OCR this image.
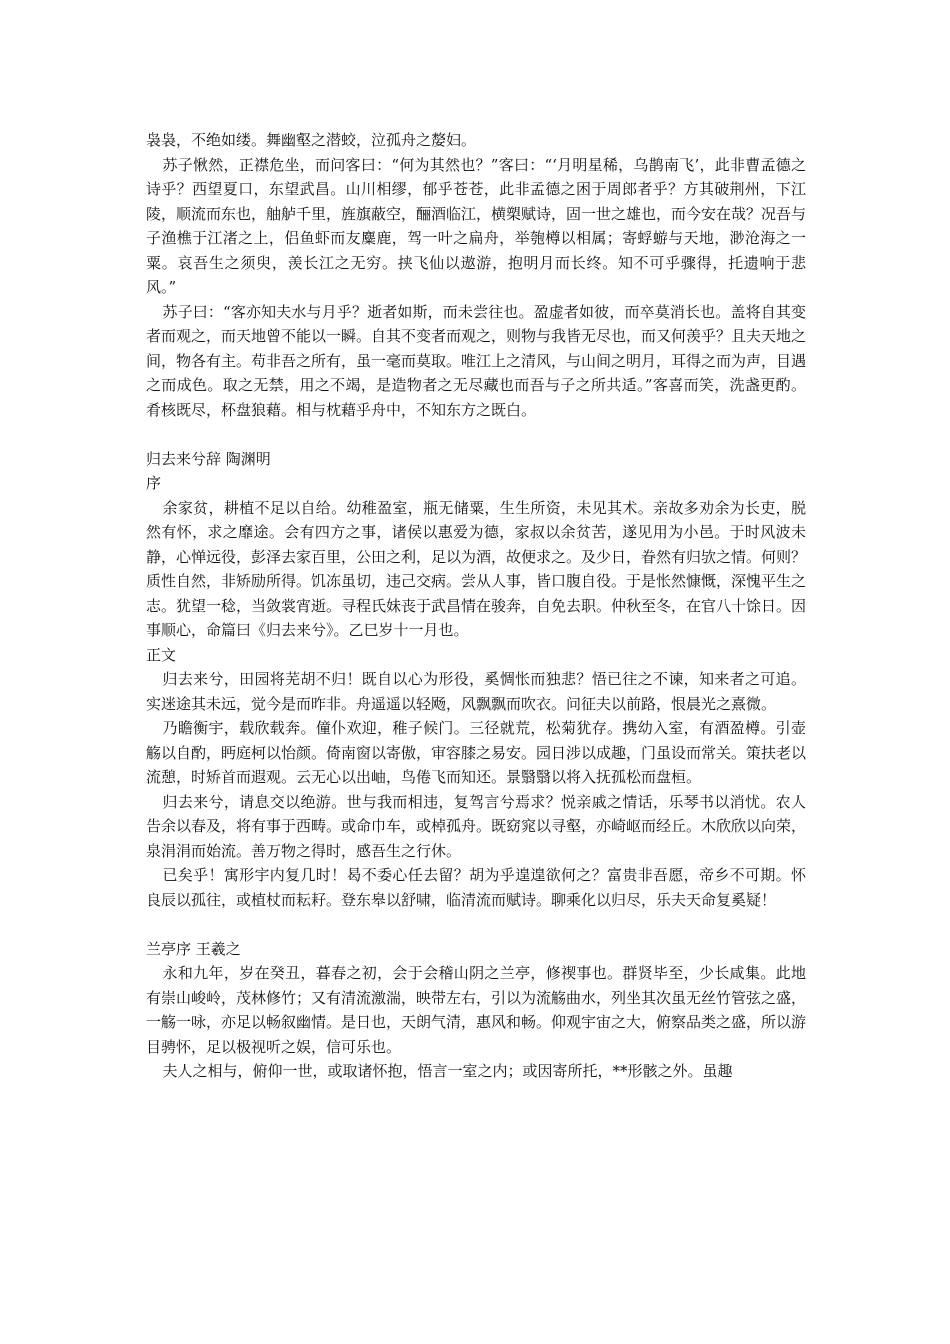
袅袅，不绝如缕。舞幽壑之潜蛟，泣孤舟之嫠妇。

苏子愀然，正襟危坐，而问客曰：“何为其然也？”客曰：“‘月明星稀，乌鹊南飞’，此非曹孟德之诗乎？西望夏口，东望武昌。山川相缪，郁乎苍苍，此非孟德之困于周郎者乎？方其破荆州，下江陵，顺流而东也，舳舻千里，旌旗蔽空，酾酒临江，横槊赋诗，固一世之雄也，而今安在哉？况吾与子渔樵于江渚之上，侣鱼虾而友麋鹿，驾一叶之扁舟，举匏樽以相属；寄蜉蝣与天地，渺沧海之一粟。哀吾生之须臾，羡长江之无穷。挟飞仙以遨游，抱明月而长终。知不可乎骤得，托遗响于悲风。”

苏子曰：“客亦知夫水与月乎？逝者如斯，而未尝往也。盈虚者如彼，而卒莫消长也。盖将自其变者而观之，而天地曾不能以一瞬。自其不变者而观之，则物与我皆无尽也，而又何羡乎？且夫天地之间，物各有主。苟非吾之所有，虽一毫而莫取。唯江上之清风，与山间之明月，耳得之而为声，目遇之而成色。取之无禁，用之不竭，是造物者之无尽藏也而吾与子之所共适。”客喜而笑，洗盏更酌。肴核既尽，杯盘狼藉。相与枕藉乎舟中，不知东方之既白。

归去来兮辞 陶渊明

序

余家贫，耕植不足以自给。幼稚盈室，瓶无储粟，生生所资，未见其术。亲故多劝余为长吏，脱然有怀，求之靡途。会有四方之事，诸侯以惠爱为德，家叔以余贫苦，遂见用为小邑。于时风波未静，心惮远役，彭泽去家百里，公田之利，足以为酒，故便求之。及少日，眷然有归欤之情。何则？质性自然，非矫励所得。饥冻虽切，违己交病。尝从人事，皆口腹自役。于是怅然慷慨，深愧平生之志。犹望一稔，当敛裳宵逝。寻程氏妹丧于武昌情在骏奔，自免去职。仲秋至冬，在官八十馀日。因事顺心，命篇曰《归去来兮》。乙巳岁十一月也。

正文

归去来兮，田园将芜胡不归！既自以心为形役，奚惆怅而独悲？悟已往之不谏，知来者之可追。实迷途其未远，觉今是而昨非。舟遥遥以轻飏，风飘飘而吹衣。问征夫以前路，恨晨光之熹微。

乃瞻衡宇，载欣载奔。僮仆欢迎，稚子候门。三径就荒，松菊犹存。携幼入室，有酒盈樽。引壶觞以自酌，眄庭柯以怡颜。倚南窗以寄傲，审容膝之易安。园日涉以成趣，门虽设而常关。策扶老以流憩，时矫首而遐观。云无心以出岫，鸟倦飞而知还。景翳翳以将入抚孤松而盘桓。

归去来兮，请息交以绝游。世与我而相违，复驾言兮焉求？悦亲戚之情话，乐琴书以消忧。农人告余以春及，将有事于西畴。或命巾车，或棹孤舟。既窈窕以寻壑，亦崎岖而经丘。木欣欣以向荣，泉涓涓而始流。善万物之得时，感吾生之行休。

已矣乎！寓形宇内复几时！曷不委心任去留？胡为乎遑遑欲何之？富贵非吾愿，帝乡不可期。怀良辰以孤往，或植杖而耘耔。登东皋以舒啸，临清流而赋诗。聊乘化以归尽，乐夫天命复奚疑！

兰亭序 王羲之

永和九年，岁在癸丑，暮春之初，会于会稽山阴之兰亭，修禊事也。群贤毕至，少长咸集。此地有崇山峻岭，茂林修竹；又有清流激湍，映带左右，引以为流觞曲水，列坐其次虽无丝竹管弦之盛，一觞一咏，亦足以畅叙幽情。是日也，天朗气清，惠风和畅。仰观宇宙之大，俯察品类之盛，所以游目骋怀，足以极视听之娱，信可乐也。

夫人之相与，俯仰一世，或取诸怀抱，悟言一室之内；或因寄所托，**形骸之外。虽趣
